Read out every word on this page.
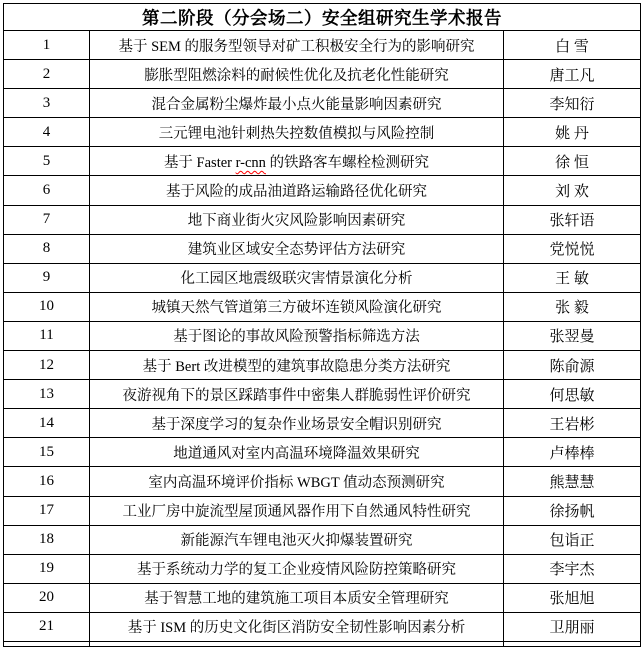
第二阶段（分会场二）安全组研究生学术报告		
1	基于 SEM 的服务型领导对矿工积极安全行为的影响研究	白 雪
2	膨胀型阻燃涂料的耐候性优化及抗老化性能研究	唐工凡
3	混合金属粉尘爆炸最小点火能量影响因素研究	李知衍
4	三元锂电池针刺热失控数值模拟与风险控制	姚 丹
5	基于 Faster r-cnn 的铁路客车螺栓检测研究	徐 恒
6	基于风险的成品油道路运输路径优化研究	刘 欢
7	地下商业街火灾风险影响因素研究	张轩语
8	建筑业区域安全态势评估方法研究	党悦悦
9	化工园区地震级联灾害情景演化分析	王 敏
10	城镇天然气管道第三方破坏连锁风险演化研究	张 毅
11	基于图论的事故风险预警指标筛选方法	张翌曼
12	基于 Bert 改进模型的建筑事故隐患分类方法研究	陈俞源
13	夜游视角下的景区踩踏事件中密集人群脆弱性评价研究	何思敏
14	基于深度学习的复杂作业场景安全帽识别研究	王岩彬
15	地道通风对室内高温环境降温效果研究	卢棒棒
16	室内高温环境评价指标 WBGT 值动态预测研究	熊慧慧
17	工业厂房中旋流型屋顶通风器作用下自然通风特性研究	徐扬帆
18	新能源汽车锂电池灭火抑爆装置研究	包诣正
19	基于系统动力学的复工企业疫情风险防控策略研究	李宇杰
20	基于智慧工地的建筑施工项目本质安全管理研究	张旭旭
21	基于 ISM 的历史文化街区消防安全韧性影响因素分析	卫朋丽
